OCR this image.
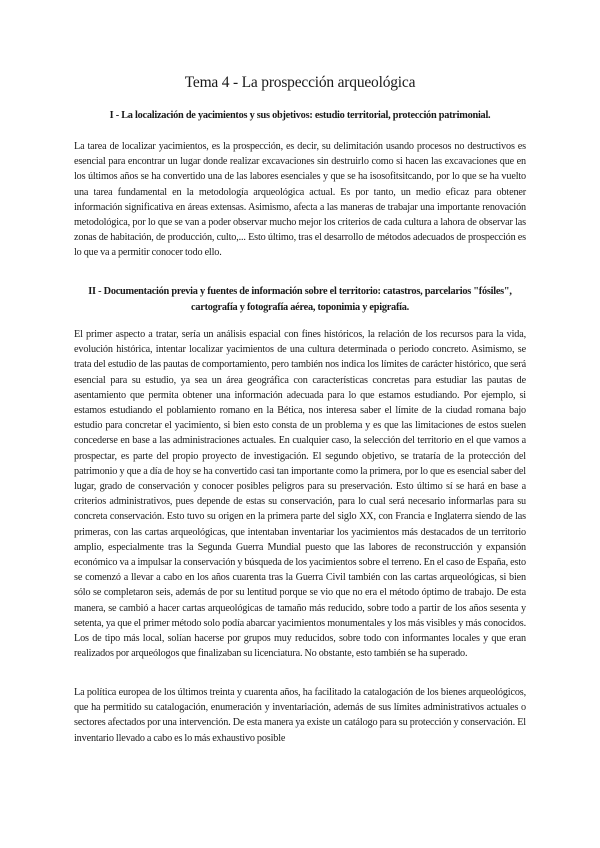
Tema 4 - La prospección arqueológica
I - La localización de yacimientos y sus objetivos: estudio territorial, protección patrimonial.

La tarea de localizar yacimientos, es la prospección, es decir, su delimitación usando procesos no destructivos es esencial para encontrar un lugar donde realizar excavaciones sin destruirlo como si hacen las excavaciones que en los últimos años se ha convertido una de las labores esenciales y que se ha isosofitsitcando, por lo que se ha vuelto una tarea fundamental en la metodología arqueológica actual. Es por tanto, un medio eficaz para obtener información significativa en áreas extensas. Asimismo, afecta a las maneras de trabajar una importante renovación metodológica, por lo que se van a poder observar mucho mejor los criterios de cada cultura a lahora de observar las zonas de habitación, de producción, culto,... Esto último, tras el desarrollo de métodos adecuados de prospección es lo que va a permitir conocer todo ello.

II - Documentación previa y fuentes de información sobre el territorio: catastros, parcelarios "fósiles", cartografía y fotografía aérea, toponimia y epigrafía.

El primer aspecto a tratar, sería un análisis espacial con fines históricos, la relación de los recursos para la vida, evolución histórica, intentar localizar yacimientos de una cultura determinada o periodo concreto. Asimismo, se trata del estudio de las pautas de comportamiento, pero también nos indica los límites de carácter histórico, que será esencial para su estudio, ya sea un área geográfica con características concretas para estudiar las pautas de asentamiento que permita obtener una información adecuada para lo que estamos estudiando. Por ejemplo, si estamos estudiando el poblamiento romano en la Bética, nos interesa saber el límite de la ciudad romana bajo estudio para concretar el yacimiento, si bien esto consta de un problema y es que las limitaciones de estos suelen concederse en base a las administraciones actuales. En cualquier caso, la selección del territorio en el que vamos a prospectar, es parte del propio proyecto de investigación. El segundo objetivo, se trataría de la protección del patrimonio y que a día de hoy se ha convertido casi tan importante como la primera, por lo que es esencial saber del lugar, grado de conservación y conocer posibles peligros para su preservación. Esto último sí se hará en base a criterios administrativos, pues depende de estas su conservación, para lo cual será necesario informarlas para su concreta conservación. Esto tuvo su origen en la primera parte del siglo XX, con Francia e Inglaterra siendo de las primeras, con las cartas arqueológicas, que intentaban inventariar los yacimientos más destacados de un territorio amplio, especialmente tras la Segunda Guerra Mundial puesto que las labores de reconstrucción y expansión económico va a impulsar la conservación y búsqueda de los yacimientos sobre el terreno. En el caso de España, esto se comenzó a llevar a cabo en los años cuarenta tras la Guerra Civil también con las cartas arqueológicas, si bien sólo se completaron seis, además de por su lentitud porque se vio que no era el método óptimo de trabajo. De esta manera, se cambió a hacer cartas arqueológicas de tamaño más reducido, sobre todo a partir de los años sesenta y setenta, ya que el primer método solo podía abarcar yacimientos monumentales y los más visibles y más conocidos. Los de tipo más local, solían hacerse por grupos muy reducidos, sobre todo con informantes locales y que eran realizados por arqueólogos que finalizaban su licenciatura. No obstante, esto también se ha superado.

La política europea de los últimos treinta y cuarenta años, ha facilitado la catalogación de los bienes arqueológicos, que ha permitido su catalogación, enumeración y inventariación, además de sus límites administrativos actuales o sectores afectados por una intervención. De esta manera ya existe un catálogo para su protección y conservación. El inventario llevado a cabo es lo más exhaustivo posible
